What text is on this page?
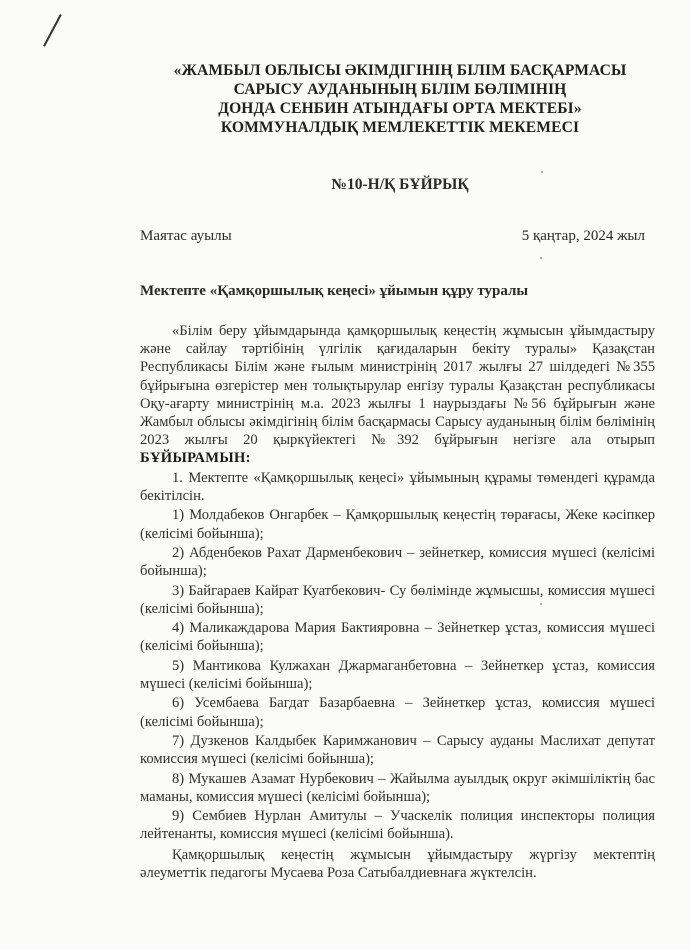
«ЖАМБЫЛ ОБЛЫСЫ ӘКІМДІГІНІҢ БІЛІМ БАСҚАРМАСЫ
САРЫСУ АУДАНЫНЫҢ БІЛІМ БӨЛІМІНІҢ
ДОНДА СЕНБИН АТЫНДАҒЫ ОРТА МЕКТЕБІ»
КОММУНАЛДЫҚ МЕМЛЕКЕТТІК МЕКЕМЕСІ
№10-Н/Қ БҰЙРЫҚ
Маятас ауылы	5 қаңтар, 2024 жыл
Мектепте «Қамқоршылық кеңесі» ұйымын құру туралы

«Білім беру ұйымдарында қамқоршылық кеңестің жұмысын ұйымдастыру және сайлау тәртібінің үлгілік қағидаларын бекіту туралы» Қазақстан Республикасы Білім және ғылым министрінің 2017 жылғы 27 шілдедегі №355 бұйрығына өзгерістер мен толықтырулар енгізу туралы Қазақстан республикасы Оқу-ағарту министрінің м.а. 2023 жылғы 1 наурыздағы №56 бұйрығын және Жамбыл облысы әкімдігінің білім басқармасы Сарысу ауданының білім бөлімінің 2023 жылғы 20 қыркүйектегі №392 бұйрығын негізге ала отырып БҰЙЫРАМЫН:

1. Мектепте «Қамқоршылық кеңесі» ұйымының құрамы төмендегі құрамда бекітілсін.

1) Молдабеков Онгарбек – Қамқоршылық кеңестің төрағасы, Жеке кәсіпкер (келісімі бойынша);

2) Абденбеков Рахат Дарменбекович – зейнеткер, комиссия мүшесі (келісімі бойынша);

3) Байгараев Кайрат Куатбекович- Су бөлімінде жұмысшы, комиссия мүшесі (келісімі бойынша);

4) Маликаждарова Мария Бактияровна – Зейнеткер ұстаз, комиссия мүшесі (келісімі бойынша);

5) Мантикова Кулжахан Джармаганбетовна – Зейнеткер ұстаз, комиссия мүшесі (келісімі бойынша);

6) Усембаева Багдат Базарбаевна – Зейнеткер ұстаз, комиссия мүшесі (келісімі бойынша);

7) Дузкенов Калдыбек Каримжанович – Сарысу ауданы Маслихат депутат комиссия мүшесі (келісімі бойынша);

8) Мукашев Азамат Нурбекович – Жайылма ауылдық округ әкімшіліктің бас маманы, комиссия мүшесі (келісімі бойынша);

9) Сембиев Нурлан Амитулы – Учаскелік полиция инспекторы полиция лейтенанты, комиссия мүшесі (келісімі бойынша).

Қамқоршылық кеңестің жұмысын ұйымдастыру жүргізу мектептің әлеуметтік педагогы Мусаева Роза Сатыбалдиевнаға жүктелсін.
